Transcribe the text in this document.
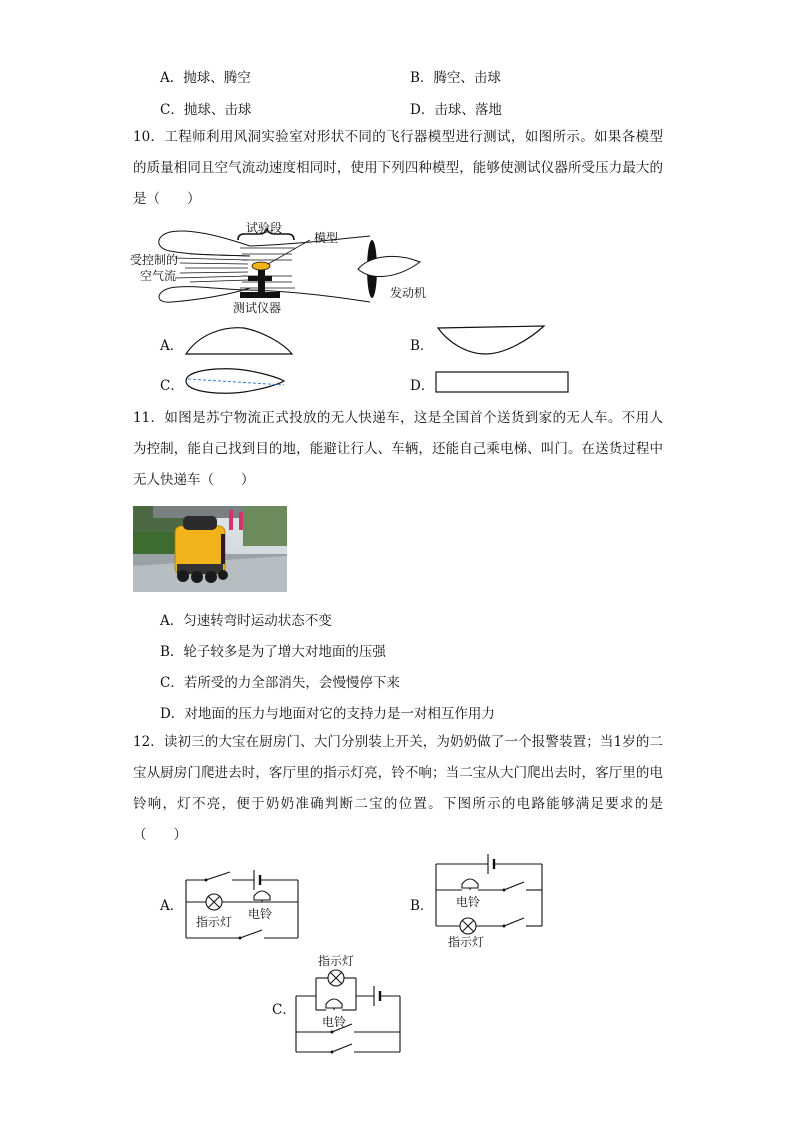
A．抛球、腾空	B．腾空、击球
C．抛球、击球	D．击球、落地
10．工程师利用风洞实验室对形状不同的飞行器模型进行测试，如图所示。如果各模型的质量相同且空气流动速度相同时，使用下列四种模型，能够使测试仪器所受压力最大的是（　　）
试验段
模型
受控制的
空气流
测试仪器
发动机
A．	B．
C．	D．
11．如图是苏宁物流正式投放的无人快递车，这是全国首个送货到家的无人车。不用人为控制，能自己找到目的地，能避让行人、车辆，还能自己乘电梯、叫门。在送货过程中无人快递车（　　）
A．匀速转弯时运动状态不变
B．轮子较多是为了增大对地面的压强
C．若所受的力全部消失，会慢慢停下来
D．对地面的压力与地面对它的支持力是一对相互作用力
12．读初三的大宝在厨房门、大门分别装上开关，为奶奶做了一个报警装置；当1岁的二宝从厨房门爬进去时，客厅里的指示灯亮，铃不响；当二宝从大门爬出去时，客厅里的电铃响，灯不亮，便于奶奶准确判断二宝的位置。下图所示的电路能够满足要求的是（　　）
A．	电铃
指示灯
B． 电铃
指示灯
C．
指示灯
电铃
